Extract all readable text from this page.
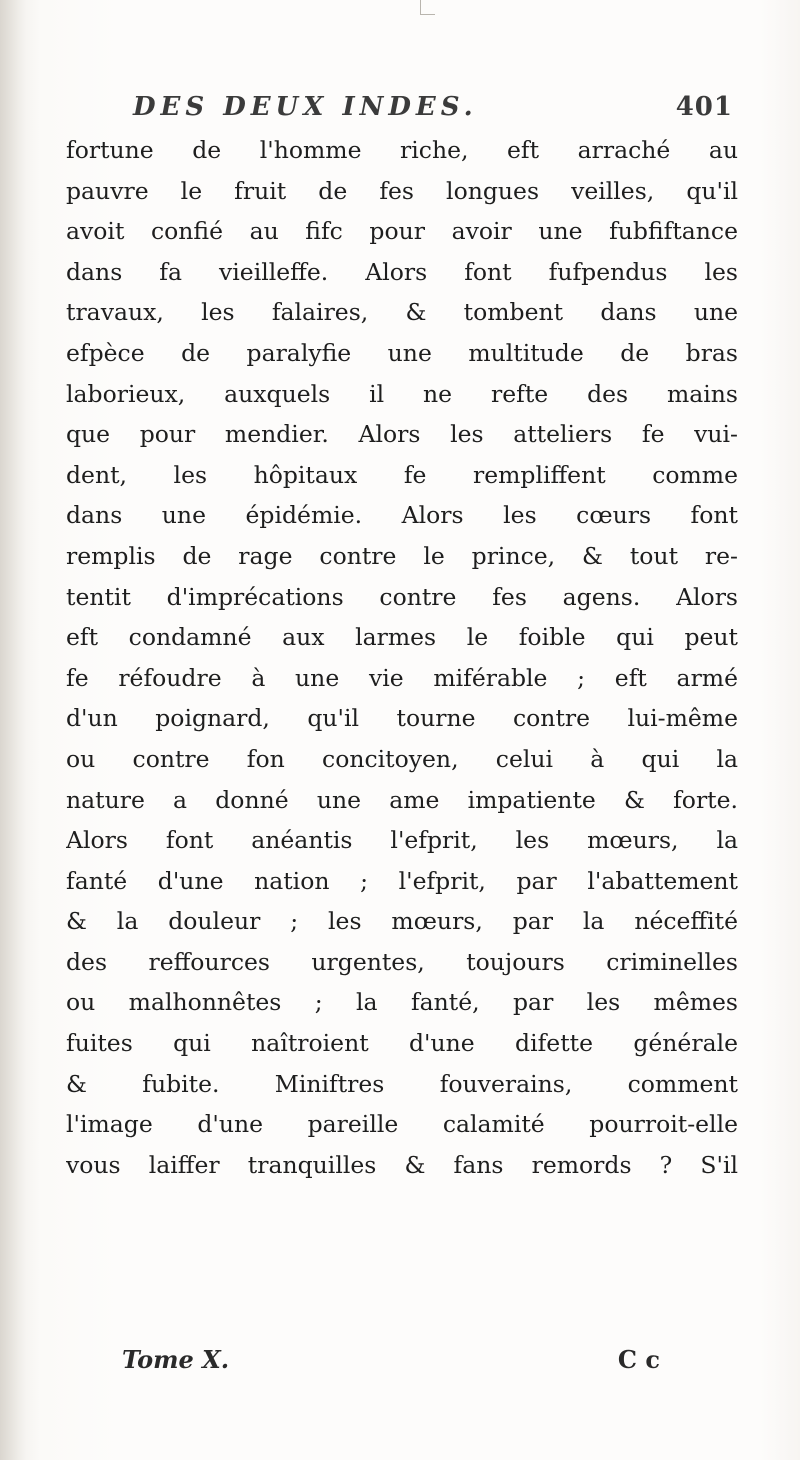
DES DEUX INDES.	401
fortune de l'homme riche, eft arraché au
pauvre le fruit de fes longues veilles, qu'il
avoit confié au fifc pour avoir une fubfiftance
dans fa vieilleffe. Alors font fufpendus les
travaux, les falaires, & tombent dans une
efpèce de paralyfie une multitude de bras
laborieux, auxquels il ne refte des mains
que pour mendier. Alors les atteliers fe vui-
dent, les hôpitaux fe rempliffent comme
dans une épidémie. Alors les cœurs font
remplis de rage contre le prince, & tout re-
tentit d'imprécations contre fes agens. Alors
eft condamné aux larmes le foible qui peut
fe réfoudre à une vie miférable ; eft armé
d'un poignard, qu'il tourne contre lui-même
ou contre fon concitoyen, celui à qui la
nature a donné une ame impatiente & forte.
Alors font anéantis l'efprit, les mœurs, la
fanté d'une nation ; l'efprit, par l'abattement
& la douleur ; les mœurs, par la néceffité
des reffources urgentes, toujours criminelles
ou malhonnêtes ; la fanté, par les mêmes
fuites qui naîtroient d'une difette générale
& fubite. Miniftres fouverains, comment
l'image d'une pareille calamité pourroit-elle
vous laiffer tranquilles & fans remords ? S'il
Tome X.	C c
